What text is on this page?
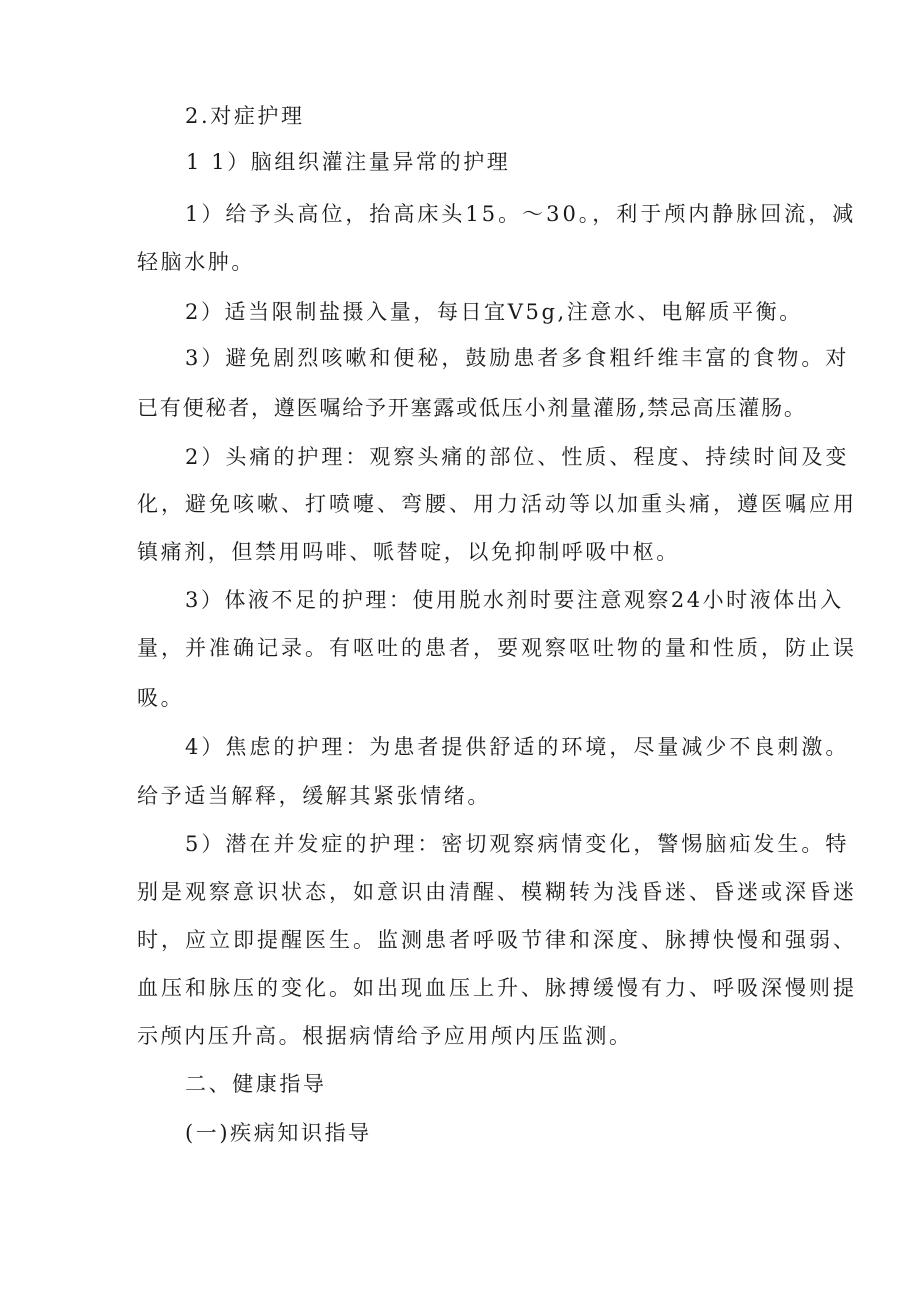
2.对症护理
1 1）脑组织灌注量异常的护理
1）给予头高位，抬高床头15。～30。，利于颅内静脉回流，减
轻脑水肿。
2）适当限制盐摄入量，每日宜V5g,注意水、电解质平衡。
3）避免剧烈咳嗽和便秘，鼓励患者多食粗纤维丰富的食物。对
已有便秘者，遵医嘱给予开塞露或低压小剂量灌肠,禁忌高压灌肠。
2）头痛的护理：观察头痛的部位、性质、程度、持续时间及变
化，避免咳嗽、打喷嚏、弯腰、用力活动等以加重头痛，遵医嘱应用
镇痛剂，但禁用吗啡、哌替啶，以免抑制呼吸中枢。
3）体液不足的护理：使用脱水剂时要注意观察24小时液体出入
量，并准确记录。有呕吐的患者，要观察呕吐物的量和性质，防止误
吸。
4）焦虑的护理：为患者提供舒适的环境，尽量减少不良刺激。
给予适当解释，缓解其紧张情绪。
5）潜在并发症的护理：密切观察病情变化，警惕脑疝发生。特
别是观察意识状态，如意识由清醒、模糊转为浅昏迷、昏迷或深昏迷
时，应立即提醒医生。监测患者呼吸节律和深度、脉搏快慢和强弱、
血压和脉压的变化。如出现血压上升、脉搏缓慢有力、呼吸深慢则提
示颅内压升高。根据病情给予应用颅内压监测。
二、健康指导
(一)疾病知识指导
